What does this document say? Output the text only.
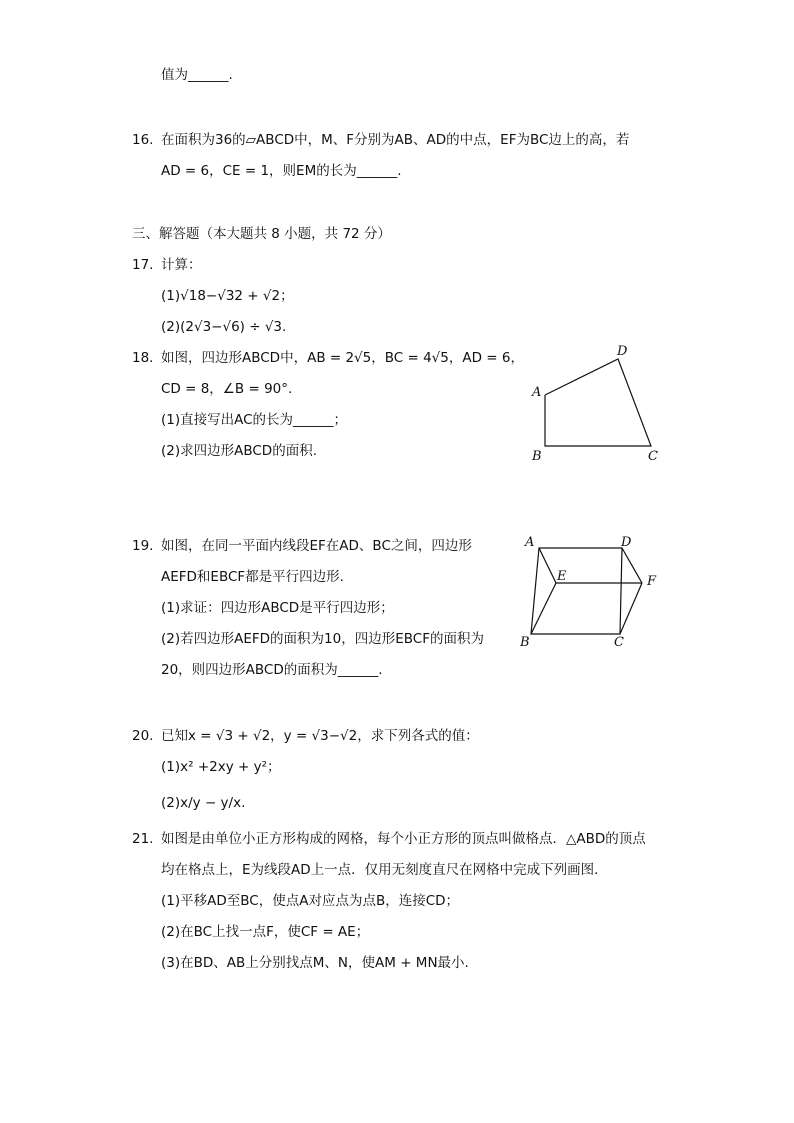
值为______.
16. 在面积为36的▱ABCD中，M、F分别为AB、AD的中点，EF为BC边上的高，若
AD = 6，CE = 1，则EM的长为______.
三、解答题（本大题共 8 小题，共 72 分）
17. 计算：
(1)√18−√32 + √2；
(2)(2√3−√6) ÷ √3.
18. 如图，四边形ABCD中，AB = 2√5，BC = 4√5，AD = 6，
CD = 8，∠B = 90°.
(1)直接写出AC的长为______；
(2)求四边形ABCD的面积.
A
B	C
D
19. 如图，在同一平面内线段EF在AD、BC之间，四边形
AEFD和EBCF都是平行四边形.
(1)求证：四边形ABCD是平行四边形；
(2)若四边形AEFD的面积为10，四边形EBCF的面积为
20，则四边形ABCD的面积为______.
A	D
E	F
B	C
20. 已知x = √3 + √2，y = √3−√2，求下列各式的值：
(1)x² +2xy + y²；
(2)x/y − y/x.
21. 如图是由单位小正方形构成的网格，每个小正方形的顶点叫做格点．△ABD的顶点
均在格点上，E为线段AD上一点．仅用无刻度直尺在网格中完成下列画图．
(1)平移AD至BC，使点A对应点为点B，连接CD；
(2)在BC上找一点F，使CF = AE；
(3)在BD、AB上分别找点M、N，使AM + MN最小.
